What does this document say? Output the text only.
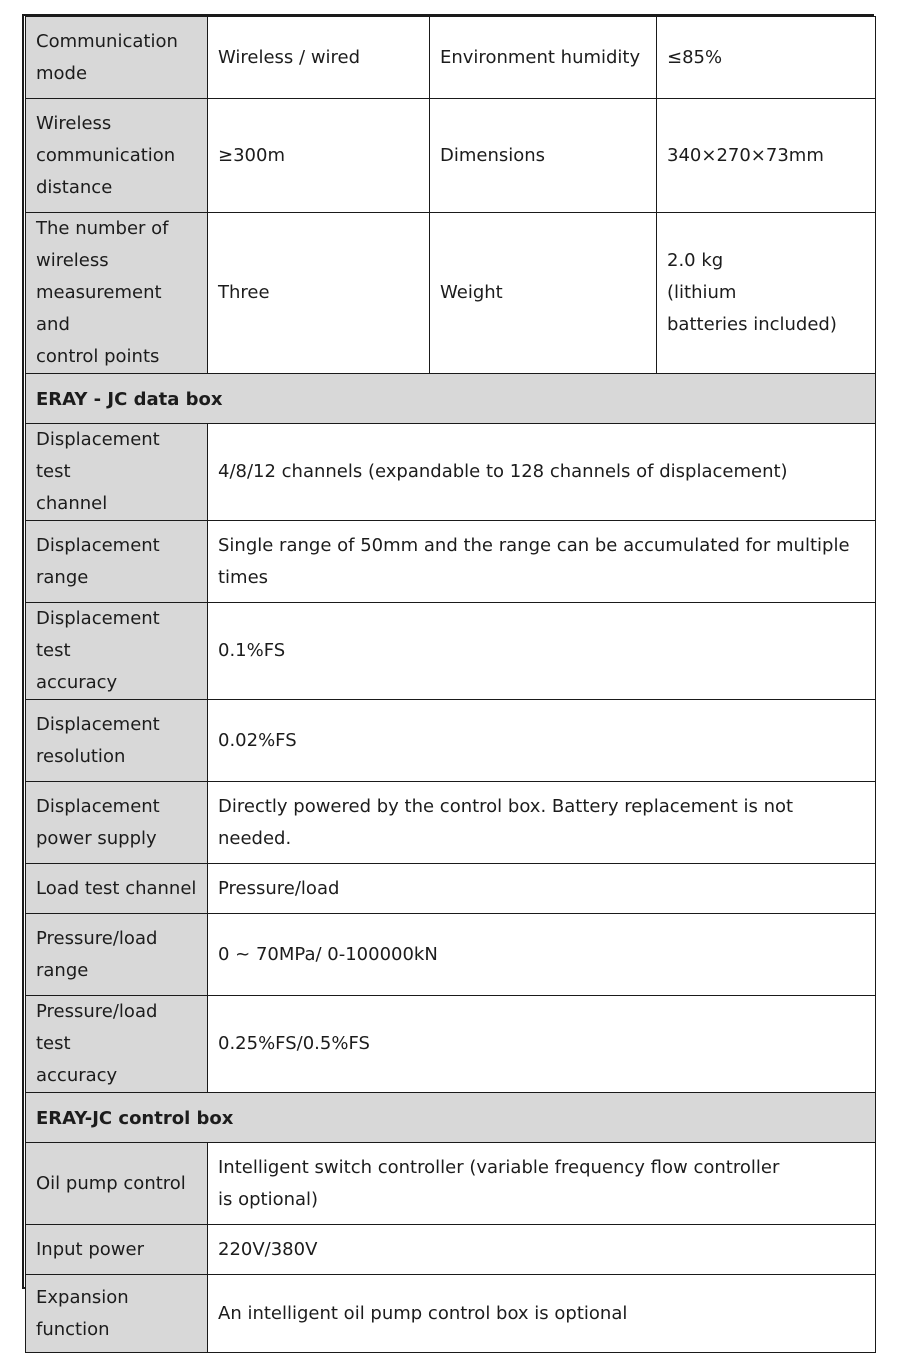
Communication
mode	Wireless / wired	Environment humidity	≤85%
Wireless
communication
distance	≥300m	Dimensions	340×270×73mm
The number of
wireless
measurement and
control points	Three	Weight	2.0 kg
(lithium
batteries included)
ERAY - JC data box			
Displacement test
channel	4/8/12 channels (expandable to 128 channels of displacement)		
Displacement
range	Single range of 50mm and the range can be accumulated for multiple
times		
Displacement test
accuracy	0.1%FS		
Displacement
resolution	0.02%FS		
Displacement
power supply	Directly powered by the control box. Battery replacement is not needed.		
Load test channel	Pressure/load		
Pressure/load
range	0 ~ 70MPa/ 0-100000kN		
Pressure/load test
accuracy	0.25%FS/0.5%FS		
ERAY-JC control box			
Oil pump control	Intelligent switch controller (variable frequency flow controller
is optional)		
Input power	220V/380V		
Expansion
function	An intelligent oil pump control box is optional		
